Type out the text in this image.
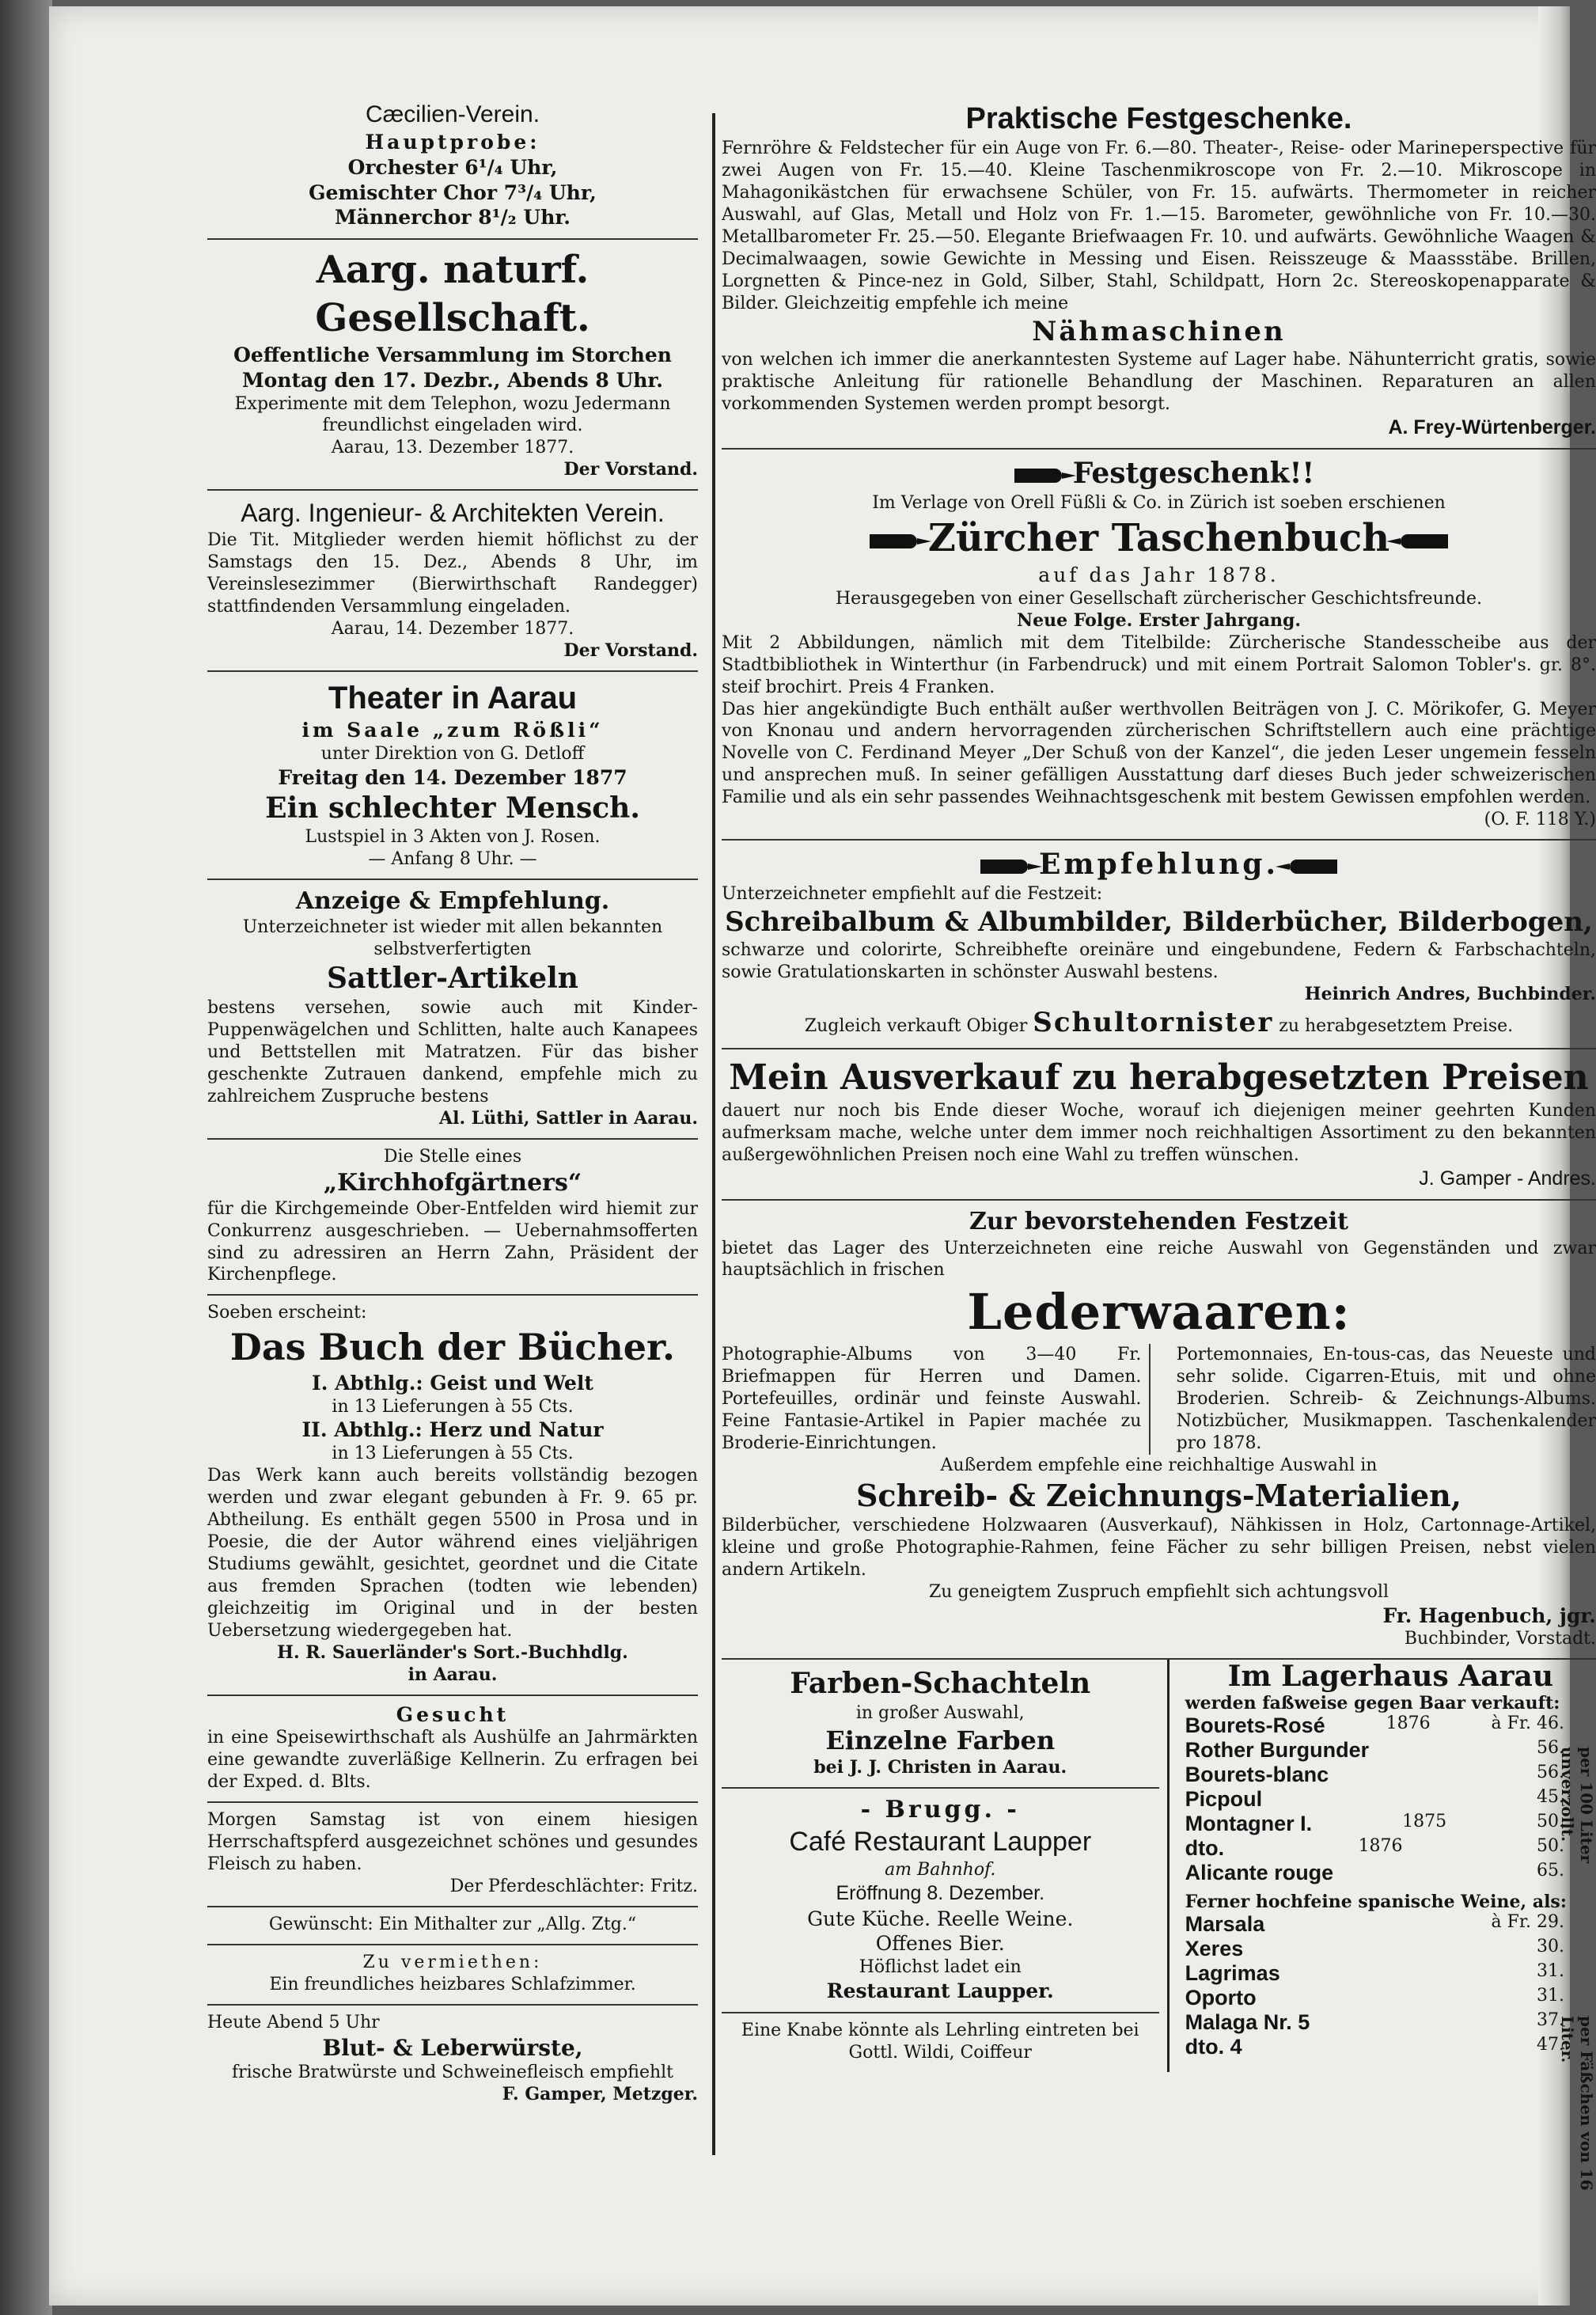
Cæcilien-Verein.
Hauptprobe:
Orchester 6¹/₄ Uhr,
Gemischter Chor 7³/₄ Uhr,
Männerchor 8¹/₂ Uhr.
Aarg. naturf. Gesellschaft.
Oeffentliche Versammlung im Storchen
Montag den 17. Dezbr., Abends 8 Uhr.
Experimente mit dem Telephon, wozu Jedermann freundlichst eingeladen wird.
Aarau, 13. Dezember 1877.
Der Vorstand.
Aarg. Ingenieur- & Architekten Verein.
Die Tit. Mitglieder werden hiemit höflichst zu der Samstags den 15. Dez., Abends 8 Uhr, im Vereinslesezimmer (Bierwirthschaft Randegger) stattfindenden Versammlung eingeladen.
Aarau, 14. Dezember 1877.
Der Vorstand.
Theater in Aarau
im Saale „zum Rößli“
unter Direktion von G. Detloff
Freitag den 14. Dezember 1877
Ein schlechter Mensch.
Lustspiel in 3 Akten von J. Rosen.
— Anfang 8 Uhr. —
Anzeige & Empfehlung.
Unterzeichneter ist wieder mit allen bekannten selbstverfertigten
Sattler-Artikeln
bestens versehen, sowie auch mit Kinder-Puppenwägelchen und Schlitten, halte auch Kanapees und Bettstellen mit Matratzen. Für das bisher geschenkte Zutrauen dankend, empfehle mich zu zahlreichem Zuspruche bestens
Al. Lüthi, Sattler in Aarau.
Die Stelle eines
„Kirchhofgärtners“
für die Kirchgemeinde Ober-Entfelden wird hiemit zur Conkurrenz ausgeschrieben. — Uebernahmsofferten sind zu adressiren an Herrn Zahn, Präsident der Kirchenpflege.
Soeben erscheint:
Das Buch der Bücher.
I. Abthlg.: Geist und Welt
in 13 Lieferungen à 55 Cts.
II. Abthlg.: Herz und Natur
in 13 Lieferungen à 55 Cts.
Das Werk kann auch bereits vollständig bezogen werden und zwar elegant gebunden à Fr. 9. 65 pr. Abtheilung. Es enthält gegen 5500 in Prosa und in Poesie, die der Autor während eines vieljährigen Studiums gewählt, gesichtet, geordnet und die Citate aus fremden Sprachen (todten wie lebenden) gleichzeitig im Original und in der besten Uebersetzung wiedergegeben hat.
H. R. Sauerländer's Sort.-Buchhdlg.
in Aarau.
Gesucht
in eine Speisewirthschaft als Aushülfe an Jahrmärkten eine gewandte zuverläßige Kellnerin. Zu erfragen bei der Exped. d. Blts.
Morgen Samstag ist von einem hiesigen Herrschaftspferd ausgezeichnet schönes und gesundes Fleisch zu haben.
Der Pferdeschlächter: Fritz.
Gewünscht: Ein Mithalter zur „Allg. Ztg.“
Zu vermiethen:
Ein freundliches heizbares Schlafzimmer.
Heute Abend 5 Uhr
Blut- & Leberwürste,
frische Bratwürste und Schweinefleisch empfiehlt
F. Gamper, Metzger.
Praktische Festgeschenke.
Fernröhre & Feldstecher für ein Auge von Fr. 6.—80. Theater-, Reise- oder Marineperspective für zwei Augen von Fr. 15.—40. Kleine Taschenmikroscope von Fr. 2.—10. Mikroscope in Mahagonikästchen für erwachsene Schüler, von Fr. 15. aufwärts. Thermometer in reicher Auswahl, auf Glas, Metall und Holz von Fr. 1.—15. Barometer, gewöhnliche von Fr. 10.—30. Metallbarometer Fr. 25.—50. Elegante Briefwaagen Fr. 10. und aufwärts. Gewöhnliche Waagen & Decimalwaagen, sowie Gewichte in Messing und Eisen. Reisszeuge & Maassstäbe. Brillen, Lorgnetten & Pince-nez in Gold, Silber, Stahl, Schildpatt, Horn 2c. Stereoskopenapparate & Bilder. Gleichzeitig empfehle ich meine
Nähmaschinen
von welchen ich immer die anerkanntesten Systeme auf Lager habe. Nähunterricht gratis, sowie praktische Anleitung für rationelle Behandlung der Maschinen. Reparaturen an allen vorkommenden Systemen werden prompt besorgt.
A. Frey-Würtenberger.
Festgeschenk!!
Im Verlage von Orell Füßli & Co. in Zürich ist soeben erschienen
Zürcher Taschenbuch
auf das Jahr 1878.
Herausgegeben von einer Gesellschaft zürcherischer Geschichtsfreunde.
Neue Folge. Erster Jahrgang.
Mit 2 Abbildungen, nämlich mit dem Titelbilde: Zürcherische Standesscheibe aus der Stadtbibliothek in Winterthur (in Farbendruck) und mit einem Portrait Salomon Tobler's. gr. 8°. steif brochirt. Preis 4 Franken.
Das hier angekündigte Buch enthält außer werthvollen Beiträgen von J. C. Mörikofer, G. Meyer von Knonau und andern hervorragenden zürcherischen Schriftstellern auch eine prächtige Novelle von C. Ferdinand Meyer „Der Schuß von der Kanzel“, die jeden Leser ungemein fesseln und ansprechen muß. In seiner gefälligen Ausstattung darf dieses Buch jeder schweizerischen Familie und als ein sehr passendes Weihnachtsgeschenk mit bestem Gewissen empfohlen werden.
(O. F. 118 Y.)
Empfehlung.
Unterzeichneter empfiehlt auf die Festzeit:
Schreibalbum & Albumbilder, Bilderbücher, Bilderbogen,
schwarze und colorirte, Schreibhefte oreinäre und eingebundene, Federn & Farbschachteln, sowie Gratulationskarten in schönster Auswahl bestens.
Heinrich Andres, Buchbinder.
Zugleich verkauft Obiger Schultornister zu herabgesetztem Preise.
Mein Ausverkauf zu herabgesetzten Preisen
dauert nur noch bis Ende dieser Woche, worauf ich diejenigen meiner geehrten Kunden aufmerksam mache, welche unter dem immer noch reichhaltigen Assortiment zu den bekannten außergewöhnlichen Preisen noch eine Wahl zu treffen wünschen.
J. Gamper - Andres.
Zur bevorstehenden Festzeit
bietet das Lager des Unterzeichneten eine reiche Auswahl von Gegenständen und zwar hauptsächlich in frischen
Lederwaaren:
Photographie-Albums von 3—40 Fr. Briefmappen für Herren und Damen. Portefeuilles, ordinär und feinste Auswahl. Feine Fantasie-Artikel in Papier machée zu Broderie-Einrichtungen.
Portemonnaies, En-tous-cas, das Neueste und sehr solide. Cigarren-Etuis, mit und ohne Broderien. Schreib- & Zeichnungs-Albums. Notizbücher, Musikmappen. Taschenkalender pro 1878.
Außerdem empfehle eine reichhaltige Auswahl in
Schreib- & Zeichnungs-Materialien,
Bilderbücher, verschiedene Holzwaaren (Ausverkauf), Nähkissen in Holz, Cartonnage-Artikel, kleine und große Photographie-Rahmen, feine Fächer zu sehr billigen Preisen, nebst vielen andern Artikeln.
Zu geneigtem Zuspruch empfiehlt sich achtungsvoll
Fr. Hagenbuch, jgr.
Buchbinder, Vorstadt.
Farben-Schachteln
in großer Auswahl,
Einzelne Farben
bei J. J. Christen in Aarau.
- Brugg. -
Café Restaurant Laupper
am Bahnhof.
Eröffnung 8. Dezember.
Gute Küche. Reelle Weine.
Offenes Bier.
Höflichst ladet ein
Restaurant Laupper.
Eine Knabe könnte als Lehrling eintreten bei Gottl. Wildi, Coiffeur
Im Lagerhaus Aarau
werden faßweise gegen Baar verkauft:
Bourets-Rosé	1876	à Fr. 46.
Rother Burgunder	56.
Bourets-blanc	56.
Picpoul	45.
Montagner I.	1875	50.
dto.	1876	50.
Alicante rouge	65.
per 100 Liter unverzollt.
Ferner hochfeine spanische Weine, als:
Marsala	à Fr. 29.
Xeres	30.
Lagrimas	31.
Oporto	31.
Malaga Nr. 5	37.
dto. 4	47. per Fäßchen von 16 Liter.
